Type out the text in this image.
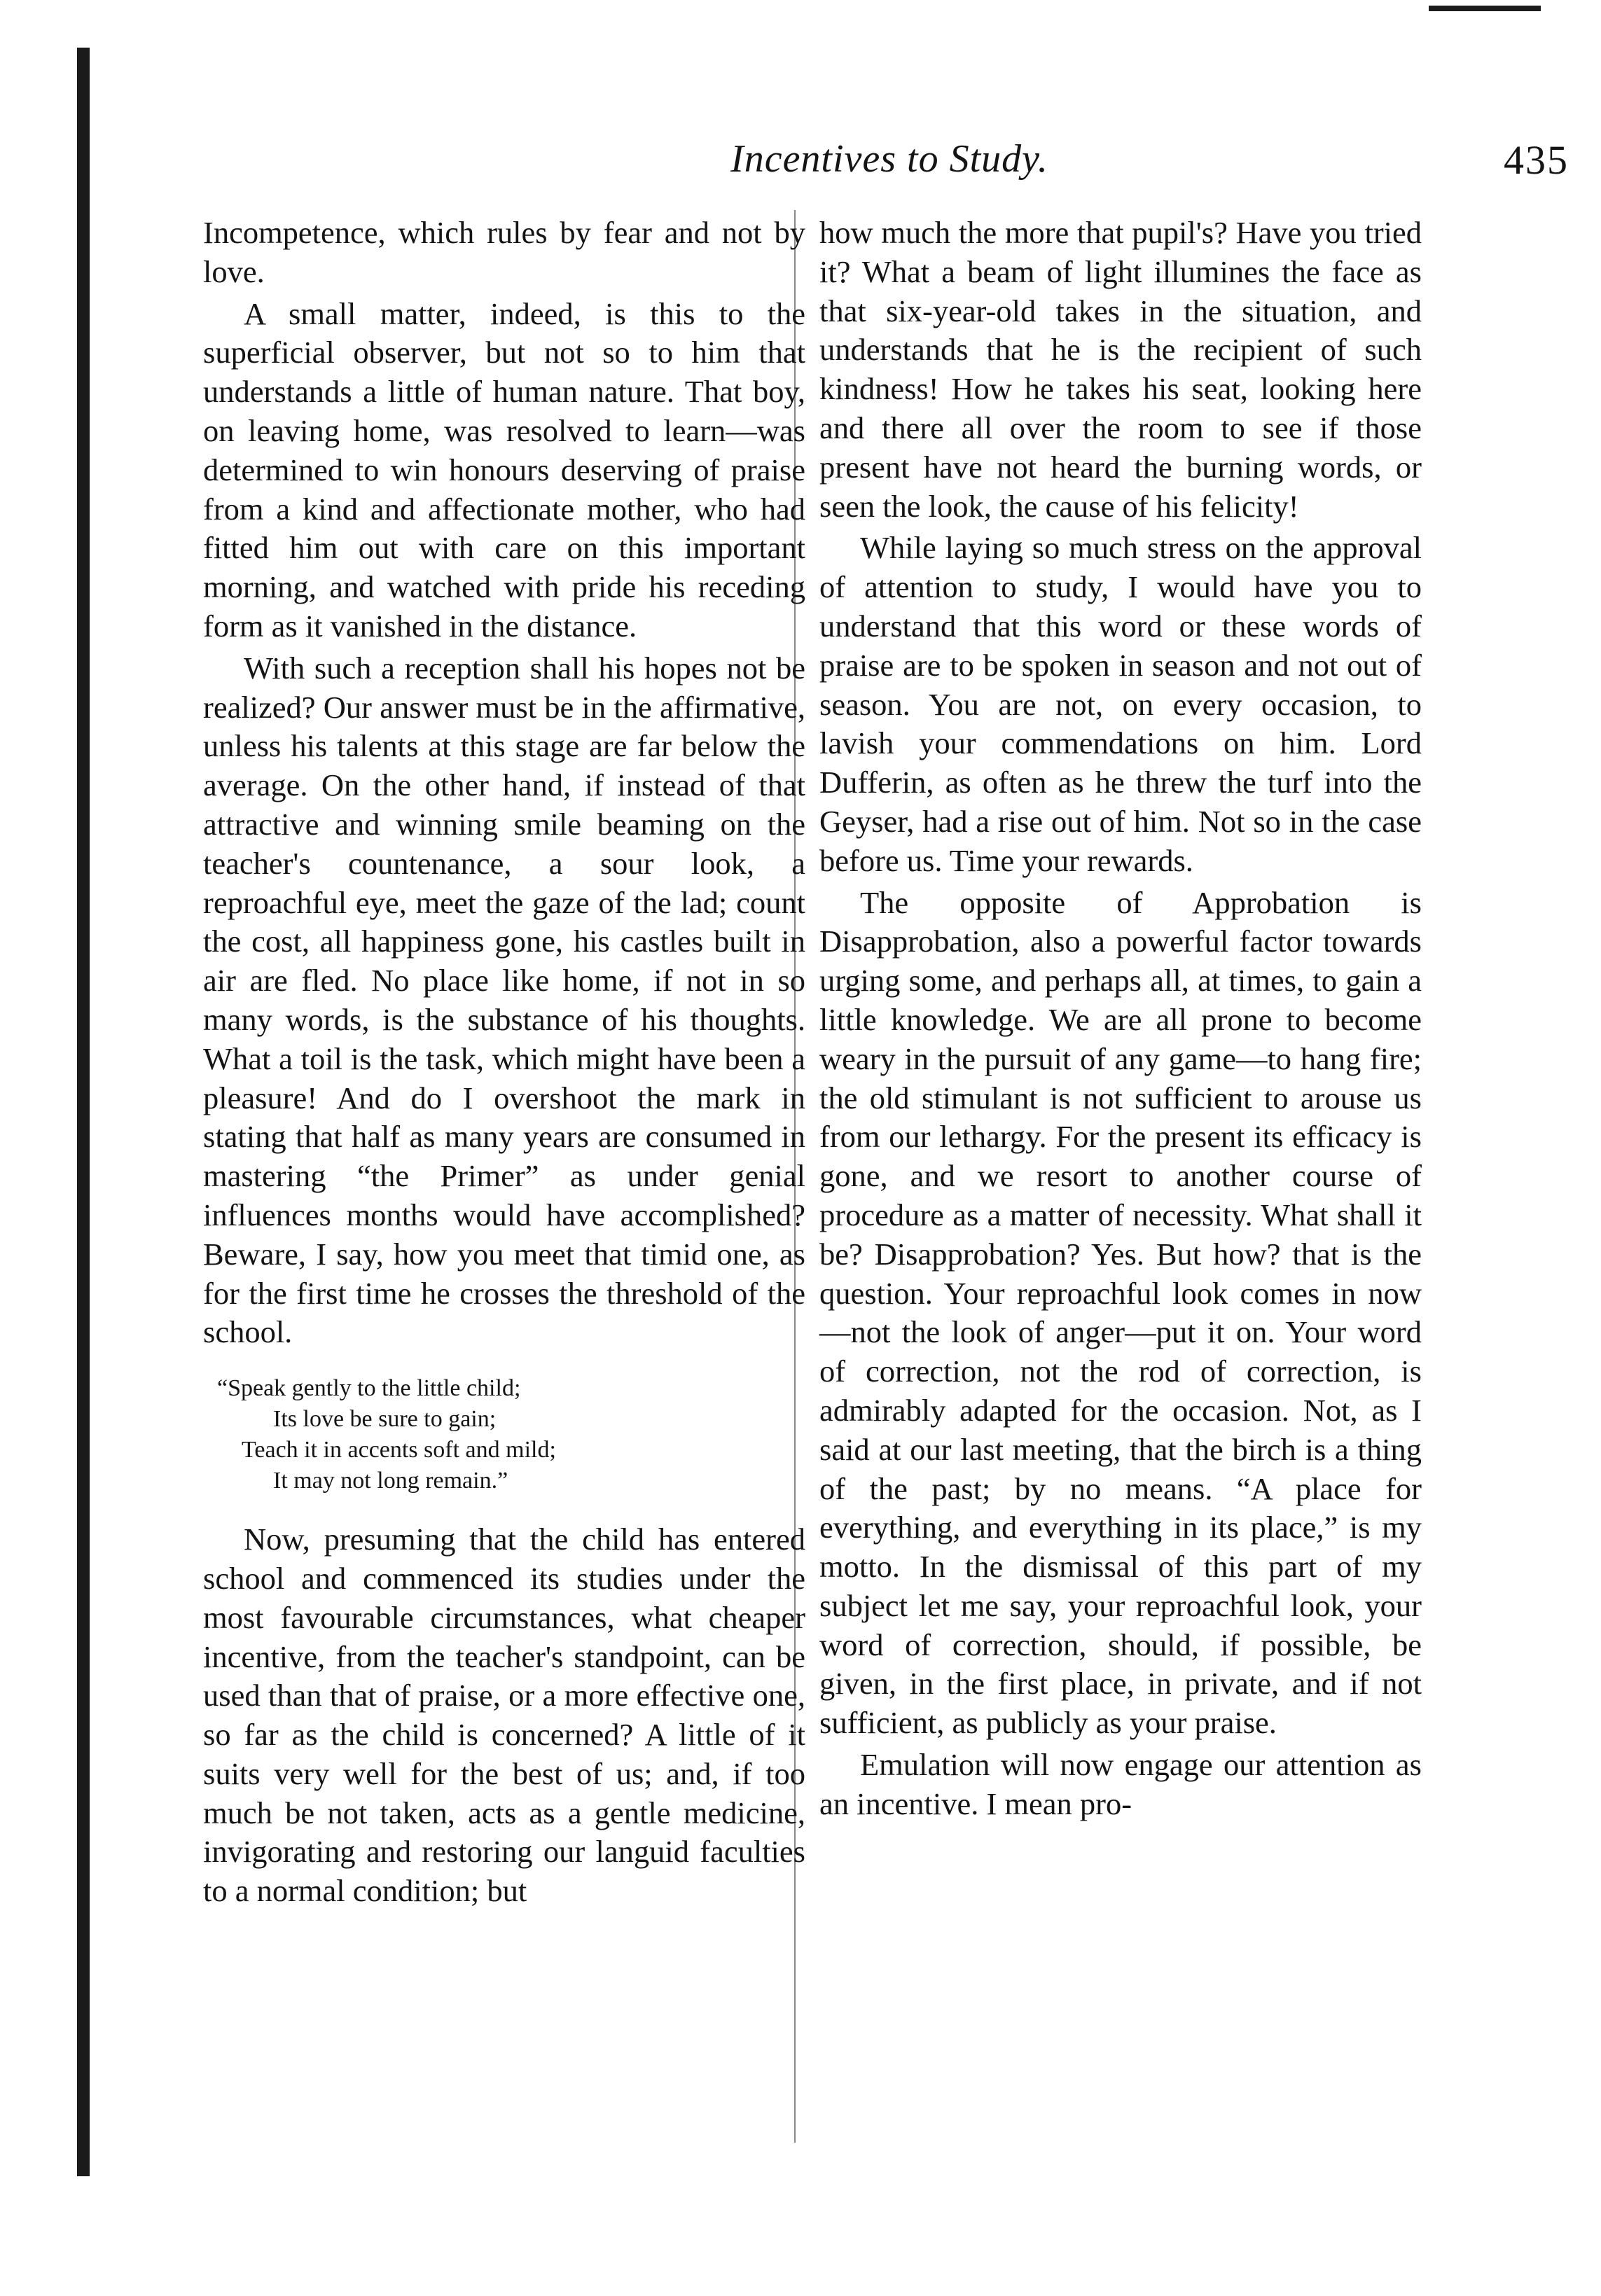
Incentives to Study.	435

Incompetence, which rules by fear and not by love.

A small matter, indeed, is this to the superficial observer, but not so to him that understands a little of human nature. That boy, on leaving home, was resolved to learn—was determined to win honours deserving of praise from a kind and affectionate mother, who had fitted him out with care on this important morning, and watched with pride his receding form as it vanished in the distance.

With such a reception shall his hopes not be realized? Our answer must be in the affirmative, unless his talents at this stage are far below the average. On the other hand, if instead of that attractive and winning smile beaming on the teacher's countenance, a sour look, a reproachful eye, meet the gaze of the lad; count the cost, all happiness gone, his castles built in air are fled. No place like home, if not in so many words, is the substance of his thoughts. What a toil is the task, which might have been a pleasure! And do I overshoot the mark in stating that half as many years are consumed in mastering “the Primer” as under genial influences months would have accomplished? Beware, I say, how you meet that timid one, as for the first time he crosses the threshold of the school.

“Speak gently to the little child;
Its love be sure to gain;
Teach it in accents soft and mild;
It may not long remain.”

Now, presuming that the child has entered school and commenced its studies under the most favourable circumstances, what cheaper incentive, from the teacher's standpoint, can be used than that of praise, or a more effective one, so far as the child is concerned? A little of it suits very well for the best of us; and, if too much be not taken, acts as a gentle medicine, invigorating and restoring our languid faculties to a normal condition; but

how much the more that pupil's? Have you tried it? What a beam of light illumines the face as that six-year-old takes in the situation, and understands that he is the recipient of such kindness! How he takes his seat, looking here and there all over the room to see if those present have not heard the burning words, or seen the look, the cause of his felicity!

While laying so much stress on the approval of attention to study, I would have you to understand that this word or these words of praise are to be spoken in season and not out of season. You are not, on every occasion, to lavish your commendations on him. Lord Dufferin, as often as he threw the turf into the Geyser, had a rise out of him. Not so in the case before us. Time your rewards.

The opposite of Approbation is Disapprobation, also a powerful factor towards urging some, and perhaps all, at times, to gain a little knowledge. We are all prone to become weary in the pursuit of any game—to hang fire; the old stimulant is not sufficient to arouse us from our lethargy. For the present its efficacy is gone, and we resort to another course of procedure as a matter of necessity. What shall it be? Disapprobation? Yes. But how? that is the question. Your reproachful look comes in now—not the look of anger—put it on. Your word of correction, not the rod of correction, is admirably adapted for the occasion. Not, as I said at our last meeting, that the birch is a thing of the past; by no means. “A place for everything, and everything in its place,” is my motto. In the dismissal of this part of my subject let me say, your reproachful look, your word of correction, should, if possible, be given, in the first place, in private, and if not sufficient, as publicly as your praise.

Emulation will now engage our attention as an incentive. I mean pro-
